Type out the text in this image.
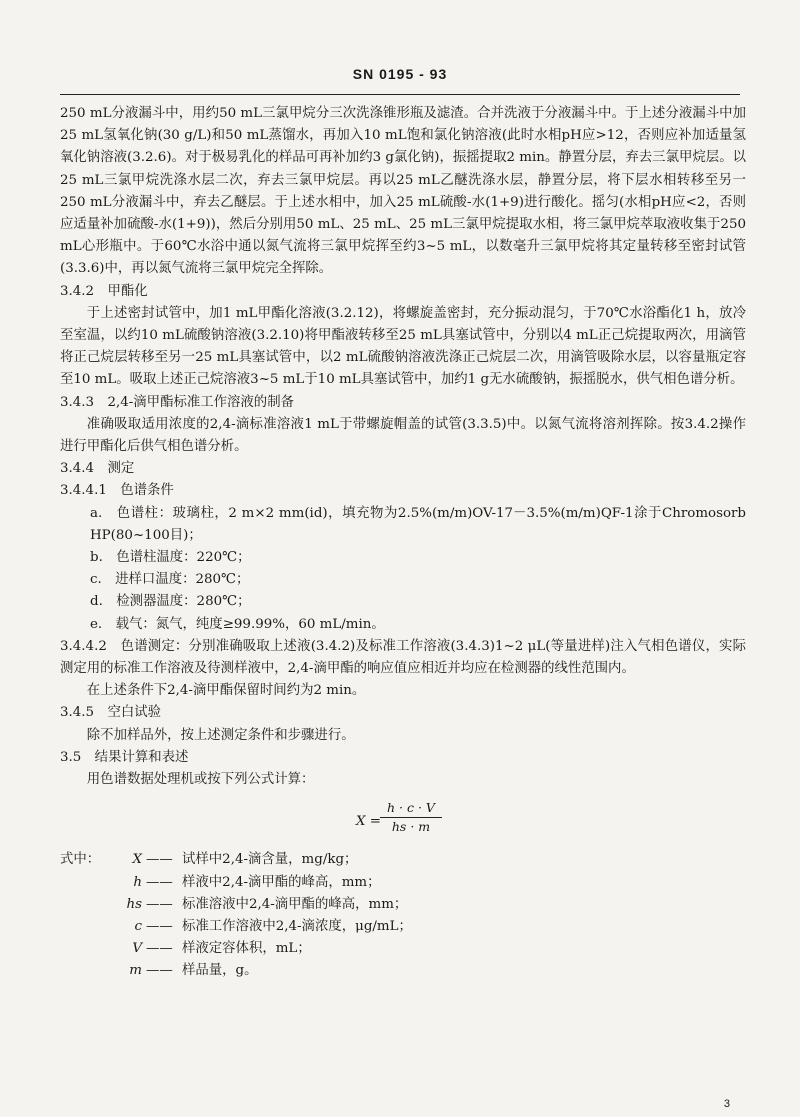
SN 0195 - 93

250 mL分液漏斗中，用约50 mL三氯甲烷分三次洗涤锥形瓶及滤渣。合并洗液于分液漏斗中。于上述分液漏斗中加25 mL氢氧化钠(30 g/L)和50 mL蒸馏水，再加入10 mL饱和氯化钠溶液(此时水相pH应>12，否则应补加适量氢氧化钠溶液(3.2.6)。对于极易乳化的样品可再补加约3 g氯化钠)，振摇提取2 min。静置分层，弃去三氯甲烷层。以25 mL三氯甲烷洗涤水层二次，弃去三氯甲烷层。再以25 mL乙醚洗涤水层，静置分层，将下层水相转移至另一250 mL分液漏斗中，弃去乙醚层。于上述水相中，加入25 mL硫酸-水(1+9)进行酸化。摇匀(水相pH应<2，否则应适量补加硫酸-水(1+9))，然后分别用50 mL、25 mL、25 mL三氯甲烷提取水相，将三氯甲烷萃取液收集于250 mL心形瓶中。于60℃水浴中通以氮气流将三氯甲烷挥至约3~5 mL，以数毫升三氯甲烷将其定量转移至密封试管(3.3.6)中，再以氮气流将三氯甲烷完全挥除。

3.4.2　甲酯化

于上述密封试管中，加1 mL甲酯化溶液(3.2.12)，将螺旋盖密封，充分振动混匀，于70℃水浴酯化1 h，放冷至室温，以约10 mL硫酸钠溶液(3.2.10)将甲酯液转移至25 mL具塞试管中，分别以4 mL正己烷提取两次，用滴管将正己烷层转移至另一25 mL具塞试管中，以2 mL硫酸钠溶液洗涤正己烷层二次，用滴管吸除水层，以容量瓶定容至10 mL。吸取上述正己烷溶液3~5 mL于10 mL具塞试管中，加约1 g无水硫酸钠，振摇脱水，供气相色谱分析。

3.4.3　2,4-滴甲酯标准工作溶液的制备

准确吸取适用浓度的2,4-滴标准溶液1 mL于带螺旋帽盖的试管(3.3.5)中。以氮气流将溶剂挥除。按3.4.2操作进行甲酯化后供气相色谱分析。

3.4.4　测定

3.4.4.1　色谱条件

a.　色谱柱：玻璃柱，2 m×2 mm(id)，填充物为2.5%(m/m)OV-17－3.5%(m/m)QF-1涂于Chromosorb HP(80~100目)；

b.　色谱柱温度：220℃；

c.　进样口温度：280℃；

d.　检测器温度：280℃；

e.　载气：氮气，纯度≥99.99%，60 mL/min。

3.4.4.2　色谱测定：分别准确吸取上述液(3.4.2)及标准工作溶液(3.4.3)1~2 μL(等量进样)注入气相色谱仪，实际测定用的标准工作溶液及待测样液中，2,4-滴甲酯的响应值应相近并均应在检测器的线性范围内。

在上述条件下2,4-滴甲酯保留时间约为2 min。

3.4.5　空白试验

除不加样品外，按上述测定条件和步骤进行。

3.5　结果计算和表述

用色谱数据处理机或按下列公式计算：

X =
$\frac{h \cdot c \cdot V}{hs \cdot m}$
式中：	X —— 试样中2,4-滴含量，mg/kg；
h —— 样液中2,4-滴甲酯的峰高，mm；
hs —— 标准溶液中2,4-滴甲酯的峰高，mm；
c —— 标准工作溶液中2,4-滴浓度，μg/mL；
V —— 样液定容体积，mL；
m —— 样品量，g。
3
